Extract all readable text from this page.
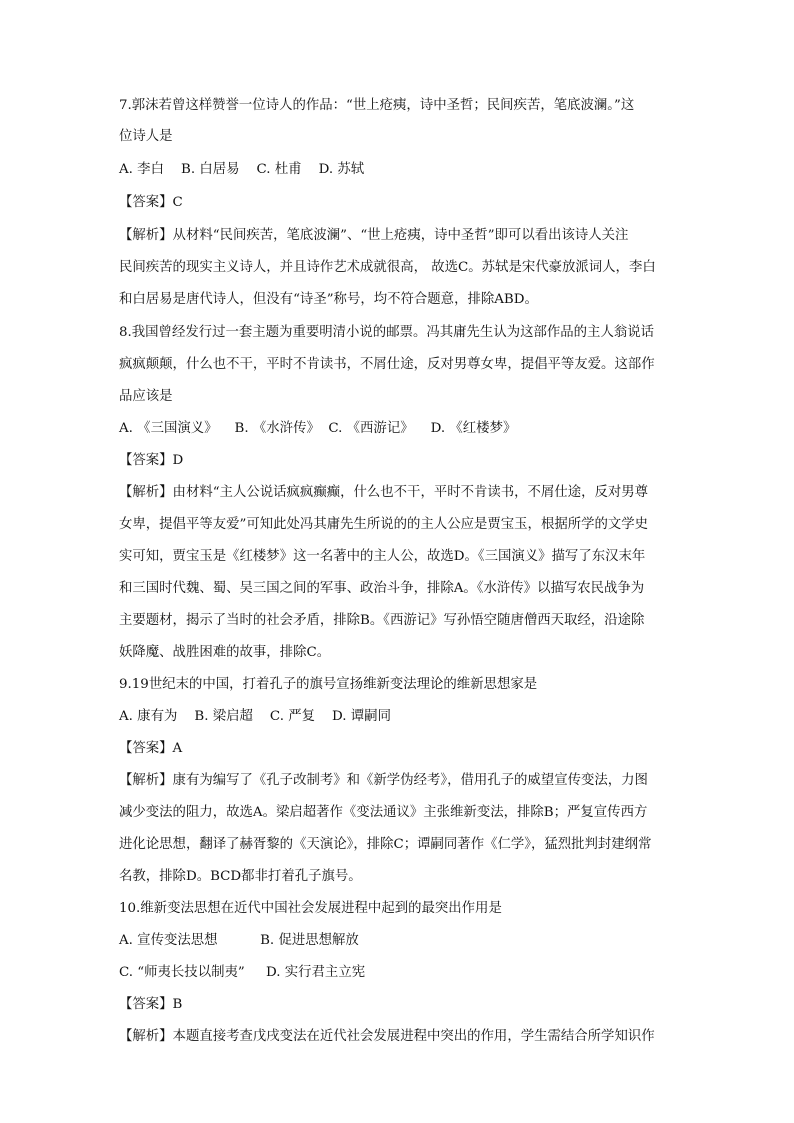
7.郭沫若曾这样赞誉一位诗人的作品：“世上疮痍，诗中圣哲；民间疾苦，笔底波澜。”这
位诗人是
A. 李白    B. 白居易    C. 杜甫    D. 苏轼
【答案】C
【解析】从材料“民间疾苦，笔底波澜”、“世上疮痍，诗中圣哲”即可以看出该诗人关注
民间疾苦的现实主义诗人，并且诗作艺术成就很高， 故选C。苏轼是宋代豪放派词人，李白
和白居易是唐代诗人，但没有“诗圣”称号，均不符合题意，排除ABD。
8.我国曾经发行过一套主题为重要明清小说的邮票。冯其庸先生认为这部作品的主人翁说话
疯疯颠颠，什么也不干，平时不肯读书，不屑仕途，反对男尊女卑，提倡平等友爱。这部作
品应该是
A. 《三国演义》    B. 《水浒传》  C. 《西游记》    D. 《红楼梦》
【答案】D
【解析】由材料“主人公说话疯疯癫癫，什么也不干，平时不肯读书，不屑仕途，反对男尊
女卑，提倡平等友爱”可知此处冯其庸先生所说的的主人公应是贾宝玉，根据所学的文学史
实可知，贾宝玉是《红楼梦》这一名著中的主人公，故选D。《三国演义》描写了东汉末年
和三国时代魏、蜀、吴三国之间的军事、政治斗争，排除A。《水浒传》以描写农民战争为
主要题材，揭示了当时的社会矛盾，排除B。《西游记》写孙悟空随唐僧西天取经，沿途除
妖降魔、战胜困难的故事，排除C。
9.19世纪末的中国，打着孔子的旗号宣扬维新变法理论的维新思想家是
A. 康有为    B. 梁启超    C. 严复    D. 谭嗣同
【答案】A
【解析】康有为编写了《孔子改制考》和《新学伪经考》，借用孔子的威望宣传变法，力图
减少变法的阻力，故选A。梁启超著作《变法通议》主张维新变法，排除B；严复宣传西方
进化论思想，翻译了赫胥黎的《天演论》，排除C；谭嗣同著作《仁学》，猛烈批判封建纲常
名教，排除D。BCD都非打着孔子旗号。
10.维新变法思想在近代中国社会发展进程中起到的最突出作用是
A. 宣传变法思想          B. 促进思想解放
C. “师夷长技以制夷”     D. 实行君主立宪
【答案】B
【解析】本题直接考查戊戌变法在近代社会发展进程中突出的作用，学生需结合所学知识作
